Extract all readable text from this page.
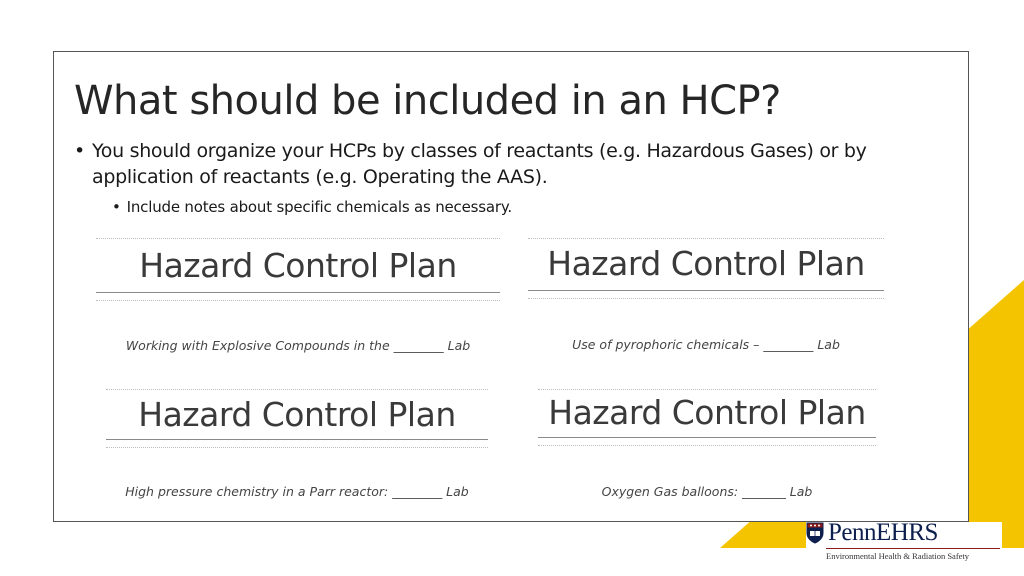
What should be included in an HCP?
• You should organize your HCPs by classes of reactants (e.g. Hazardous Gases) or by application of reactants (e.g. Operating the AAS).
• Include notes about specific chemicals as necessary.
Hazard Control Plan
Working with Explosive Compounds in the ________ Lab
Hazard Control Plan
Use of pyrophoric chemicals – ________ Lab
Hazard Control Plan
High pressure chemistry in a Parr reactor: ________ Lab
Hazard Control Plan
Oxygen Gas balloons: _______ Lab
PennEHRS
Environmental Health & Radiation Safety
